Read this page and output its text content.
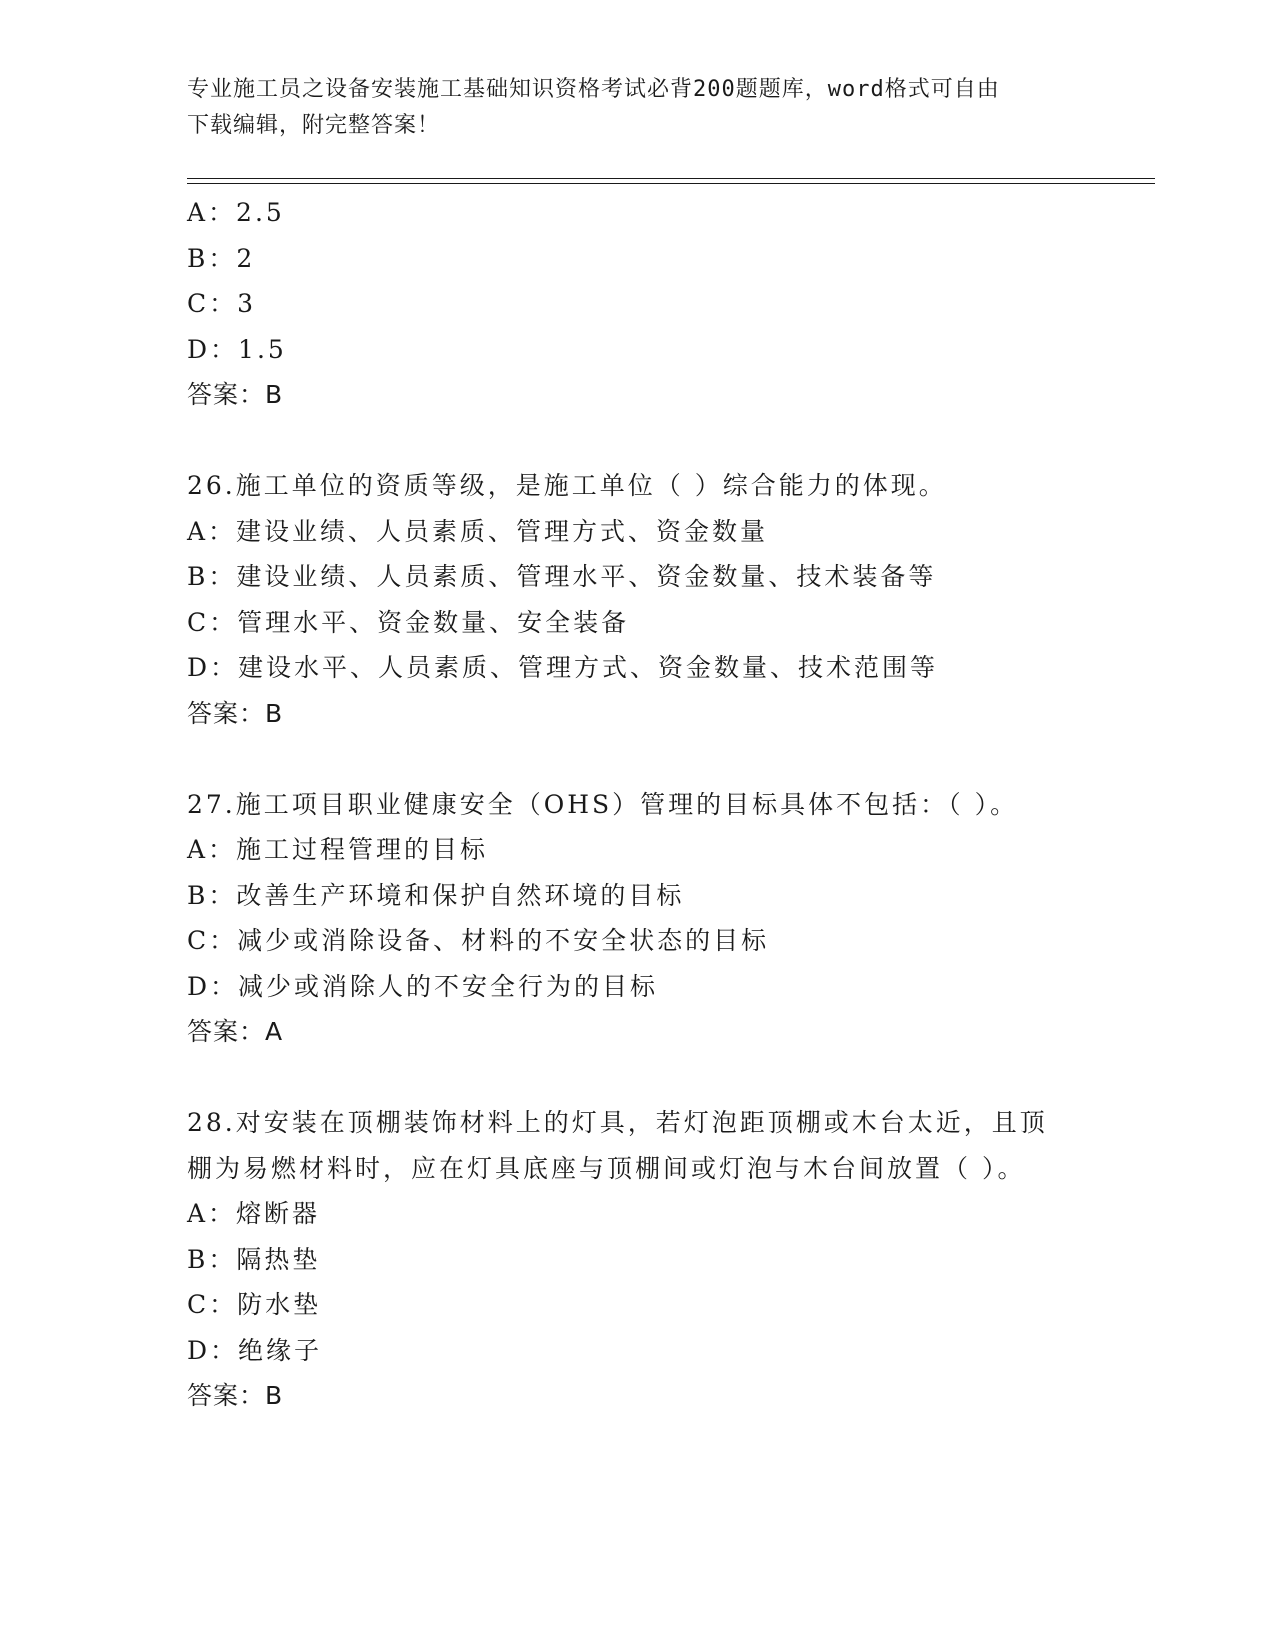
专业施工员之设备安装施工基础知识资格考试必背200题题库，word格式可自由
下载编辑，附完整答案！
A：2.5
B：2
C：3
D：1.5
答案：B
26.施工单位的资质等级，是施工单位（ ）综合能力的体现。
A：建设业绩、人员素质、管理方式、资金数量
B：建设业绩、人员素质、管理水平、资金数量、技术装备等
C：管理水平、资金数量、安全装备
D：建设水平、人员素质、管理方式、资金数量、技术范围等
答案：B
27.施工项目职业健康安全（OHS）管理的目标具体不包括：（ ）。
A：施工过程管理的目标
B：改善生产环境和保护自然环境的目标
C：减少或消除设备、材料的不安全状态的目标
D：减少或消除人的不安全行为的目标
答案：A
28.对安装在顶棚装饰材料上的灯具，若灯泡距顶棚或木台太近，且顶
棚为易燃材料时，应在灯具底座与顶棚间或灯泡与木台间放置（ ）。
A：熔断器
B：隔热垫
C：防水垫
D：绝缘子
答案：B
